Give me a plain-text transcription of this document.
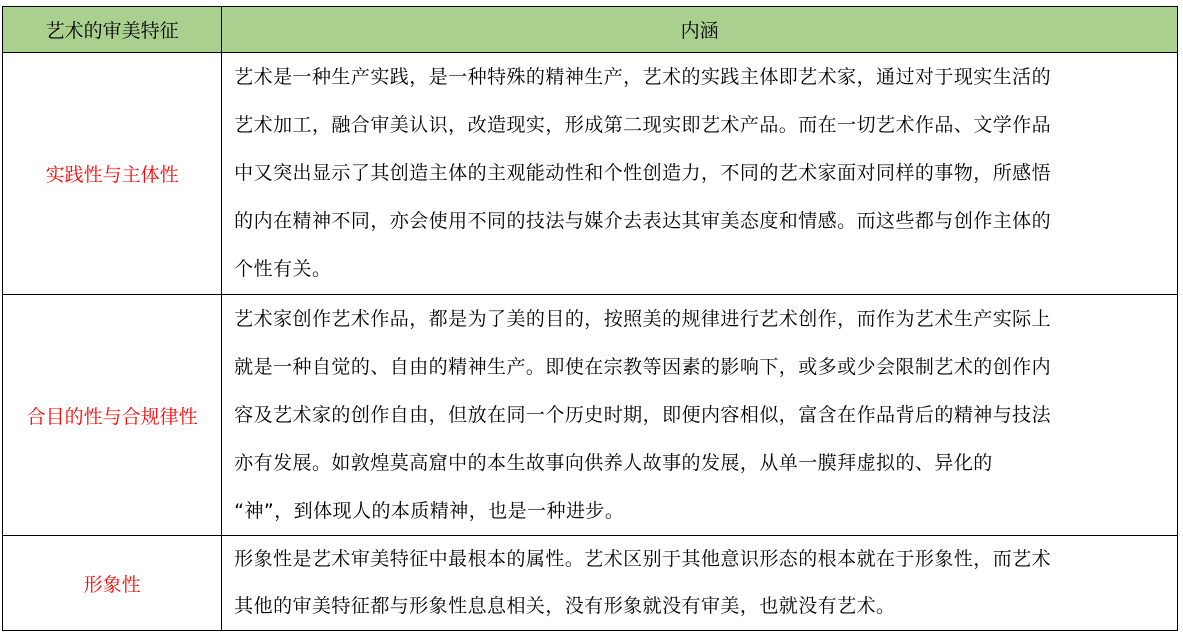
艺术的审美特征	内涵
实践性与主体性	艺术是一种生产实践，是一种特殊的精神生产，艺术的实践主体即艺术家，通过对于现实生活的
艺术加工，融合审美认识，改造现实，形成第二现实即艺术产品。而在一切艺术作品、文学作品
中又突出显示了其创造主体的主观能动性和个性创造力，不同的艺术家面对同样的事物，所感悟
的内在精神不同，亦会使用不同的技法与媒介去表达其审美态度和情感。而这些都与创作主体的
个性有关。

合目的性与合规律性	艺术家创作艺术作品，都是为了美的目的，按照美的规律进行艺术创作，而作为艺术生产实际上
就是一种自觉的、自由的精神生产。即使在宗教等因素的影响下，或多或少会限制艺术的创作内
容及艺术家的创作自由，但放在同一个历史时期，即便内容相似，富含在作品背后的精神与技法
亦有发展。如敦煌莫高窟中的本生故事向供养人故事的发展，从单一膜拜虚拟的、异化的
“神”，到体现人的本质精神，也是一种进步。

形象性	形象性是艺术审美特征中最根本的属性。艺术区别于其他意识形态的根本就在于形象性，而艺术
其他的审美特征都与形象性息息相关，没有形象就没有审美，也就没有艺术。
